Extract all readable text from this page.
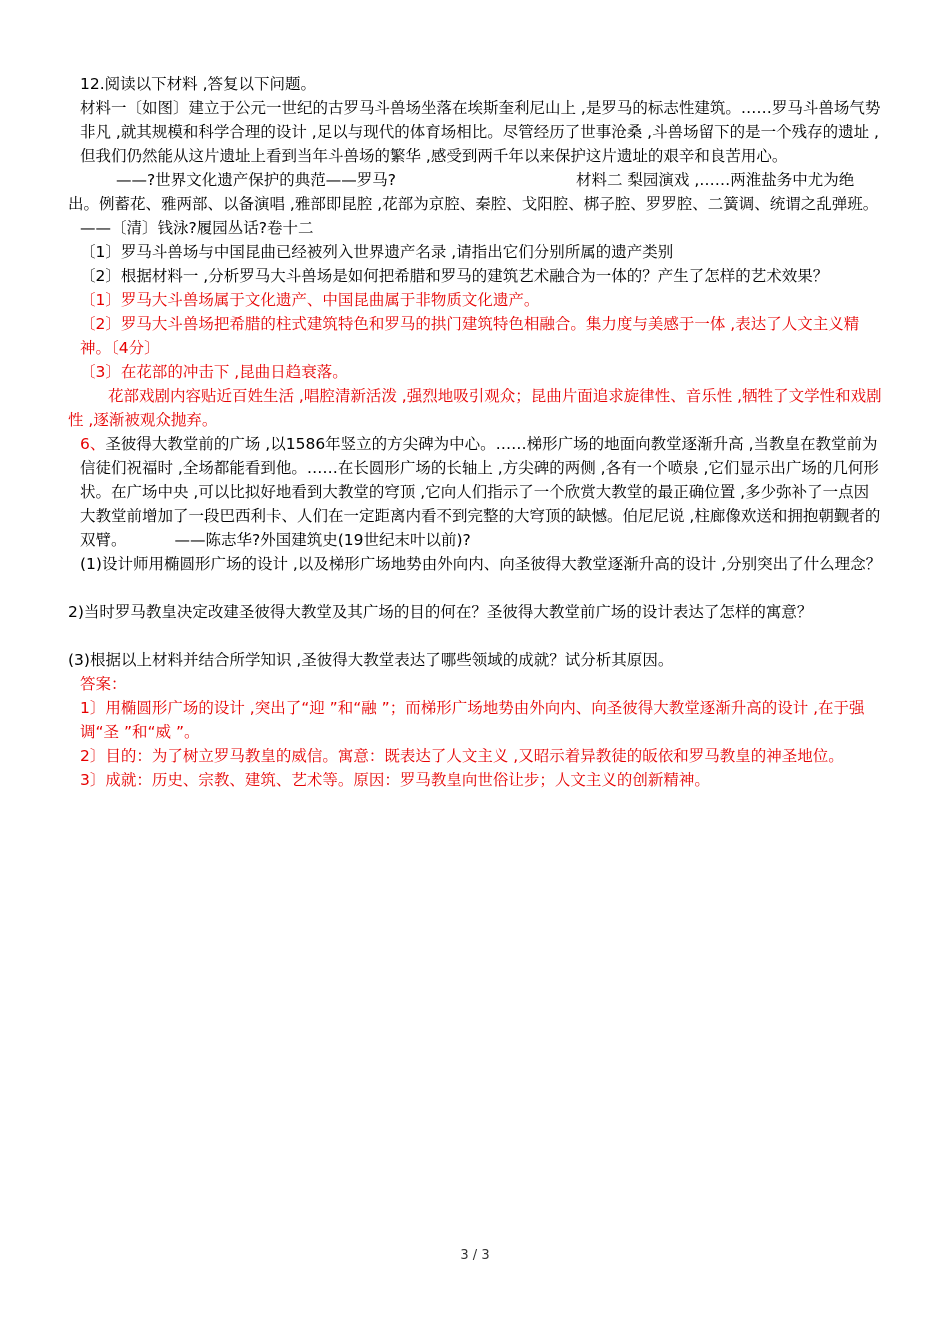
12.阅读以下材料 ,答复以下问题。
材料一〔如图〕建立于公元一世纪的古罗马斗兽场坐落在埃斯奎利尼山上 ,是罗马的标志性建筑。……罗马斗兽场气势非凡 ,就其规模和科学合理的设计 ,足以与现代的体育场相比。尽管经历了世事沧桑 ,斗兽场留下的是一个残存的遗址 ,但我们仍然能从这片遗址上看到当年斗兽场的繁华 ,感受到两千年以来保护这片遗址的艰辛和良苦用心。
——?世界文化遗产保护的典范——罗马?	材料二 梨园演戏 ,……两淮盐务中尤为绝出。例蓄花、雅两部、以备演唱 ,雅部即昆腔 ,花部为京腔、秦腔、戈阳腔、梆子腔、罗罗腔、二簧调、统谓之乱弹班。
——〔清〕钱泳?履园丛话?卷十二
〔1〕罗马斗兽场与中国昆曲已经被列入世界遗产名录 ,请指出它们分别所属的遗产类别
〔2〕根据材料一 ,分析罗马大斗兽场是如何把希腊和罗马的建筑艺术融合为一体的？产生了怎样的艺术效果？
〔1〕罗马大斗兽场属于文化遗产、中国昆曲属于非物质文化遗产。
〔2〕罗马大斗兽场把希腊的柱式建筑特色和罗马的拱门建筑特色相融合。集力度与美感于一体 ,表达了人文主义精神。〔4分〕
〔3〕在花部的冲击下 ,昆曲日趋衰落。
花部戏剧内容贴近百姓生活 ,唱腔清新活泼 ,强烈地吸引观众；昆曲片面追求旋律性、音乐性 ,牺牲了文学性和戏剧性 ,逐渐被观众抛弃。
6、圣彼得大教堂前的广场 ,以1586年竖立的方尖碑为中心。……梯形广场的地面向教堂逐渐升高 ,当教皇在教堂前为信徒们祝福时 ,全场都能看到他。……在长圆形广场的长轴上 ,方尖碑的两侧 ,各有一个喷泉 ,它们显示出广场的几何形状。在广场中央 ,可以比拟好地看到大教堂的穹顶 ,它向人们指示了一个欣赏大教堂的最正确位置 ,多少弥补了一点因大教堂前增加了一段巴西利卡、人们在一定距离内看不到完整的大穹顶的缺憾。伯尼尼说 ,柱廊像欢送和拥抱朝觐者的双臂。	——陈志华?外国建筑史(19世纪末叶以前)?
(1)设计师用椭圆形广场的设计 ,以及梯形广场地势由外向内、向圣彼得大教堂逐渐升高的设计 ,分别突出了什么理念？
2)当时罗马教皇决定改建圣彼得大教堂及其广场的目的何在？圣彼得大教堂前广场的设计表达了怎样的寓意？
(3)根据以上材料并结合所学知识 ,圣彼得大教堂表达了哪些领域的成就？试分析其原因。
答案：
1〕用椭圆形广场的设计 ,突出了“迎 ”和“融 ”；而梯形广场地势由外向内、向圣彼得大教堂逐渐升高的设计 ,在于强调“圣 ”和“威 ”。
2〕目的：为了树立罗马教皇的威信。寓意：既表达了人文主义 ,又昭示着异教徒的皈依和罗马教皇的神圣地位。
3〕成就：历史、宗教、建筑、艺术等。原因：罗马教皇向世俗让步；人文主义的创新精神。
3 / 3
